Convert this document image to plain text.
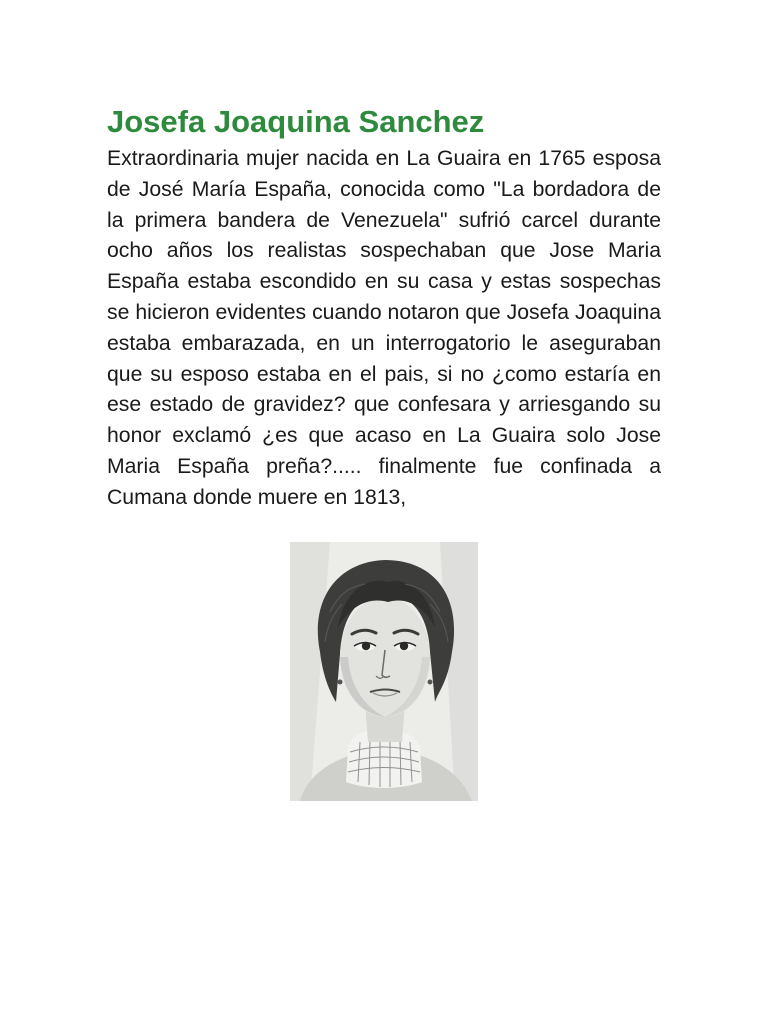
Josefa Joaquina Sanchez

Extraordinaria mujer nacida en La Guaira en 1765 esposa de José María España, conocida como "La bordadora de la primera bandera de Venezuela" sufrió carcel durante ocho años los realistas sospechaban que Jose Maria España estaba escondido en su casa y estas sospechas se hicieron evidentes cuando notaron que Josefa Joaquina estaba embarazada, en un interrogatorio le aseguraban que su esposo estaba en el pais, si no ¿como estaría en ese estado de gravidez? que confesara y arriesgando su honor exclamó ¿es que acaso en La Guaira solo Jose Maria España preña?..... finalmente fue confinada a Cumana donde muere en 1813,
